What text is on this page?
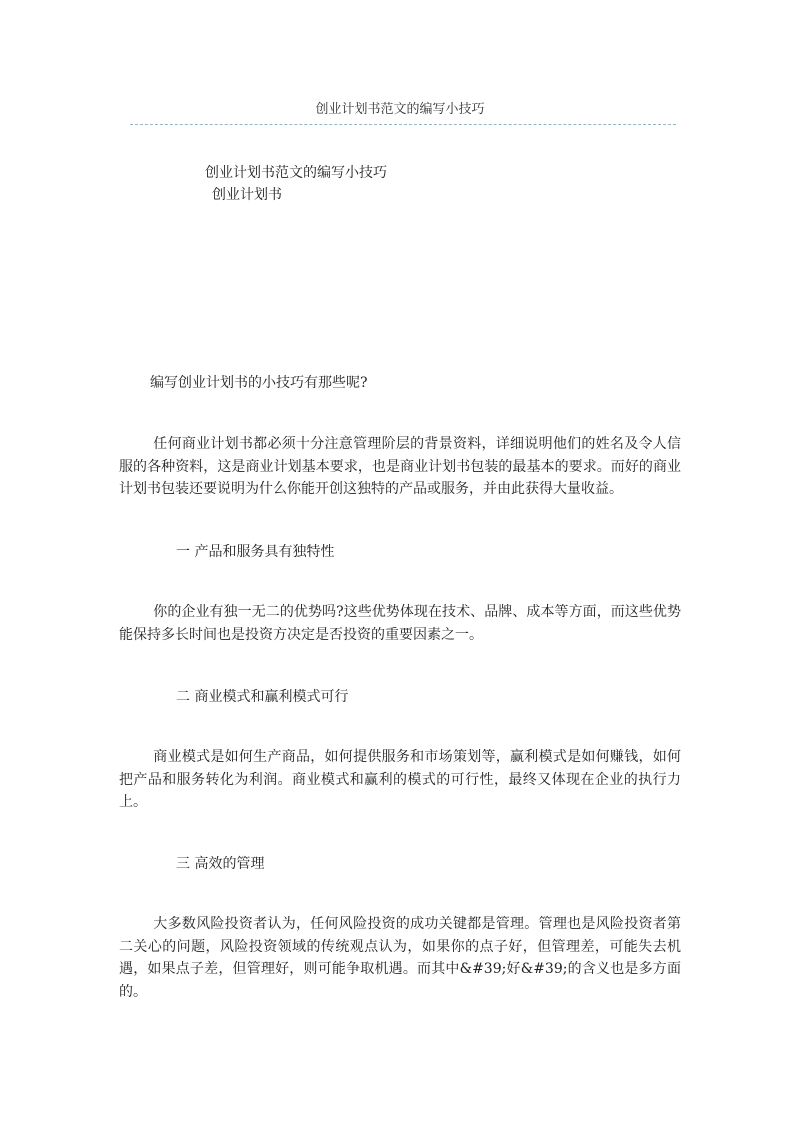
创业计划书范文的编写小技巧
创业计划书范文的编写小技巧
创业计划书
编写创业计划书的小技巧有那些呢?

任何商业计划书都必须十分注意管理阶层的背景资料，详细说明他们的姓名及令人信服的各种资料，这是商业计划基本要求，也是商业计划书包装的最基本的要求。而好的商业计划书包装还要说明为什么你能开创这独特的产品或服务，并由此获得大量收益。

一 产品和服务具有独特性

你的企业有独一无二的优势吗?这些优势体现在技术、品牌、成本等方面，而这些优势能保持多长时间也是投资方决定是否投资的重要因素之一。

二 商业模式和赢利模式可行

商业模式是如何生产商品，如何提供服务和市场策划等，赢利模式是如何赚钱，如何把产品和服务转化为利润。商业模式和赢利的模式的可行性，最终又体现在企业的执行力上。

三 高效的管理

大多数风险投资者认为，任何风险投资的成功关键都是管理。管理也是风险投资者第二关心的问题，风险投资领域的传统观点认为，如果你的点子好，但管理差，可能失去机遇，如果点子差，但管理好，则可能争取机遇。而其中&#39;好&#39;的含义也是多方面的。
